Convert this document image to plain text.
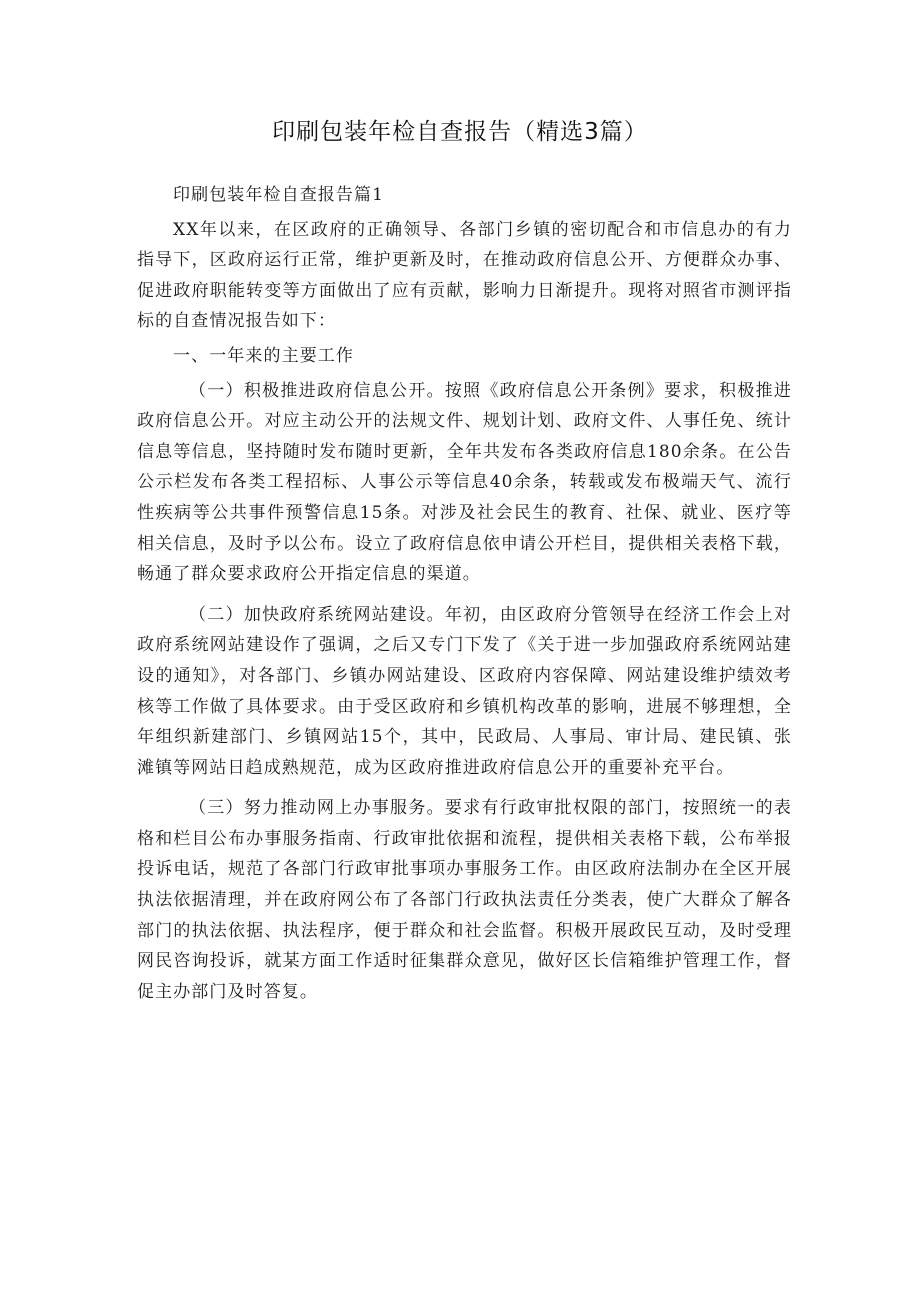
印刷包装年检自查报告（精选3篇）

印刷包装年检自查报告篇1

XX年以来，在区政府的正确领导、各部门乡镇的密切配合和市信息办的有力指导下，区政府运行正常，维护更新及时，在推动政府信息公开、方便群众办事、促进政府职能转变等方面做出了应有贡献，影响力日渐提升。现将对照省市测评指标的自查情况报告如下：

一、一年来的主要工作

（一）积极推进政府信息公开。按照《政府信息公开条例》要求，积极推进政府信息公开。对应主动公开的法规文件、规划计划、政府文件、人事任免、统计信息等信息，坚持随时发布随时更新，全年共发布各类政府信息180余条。在公告公示栏发布各类工程招标、人事公示等信息40余条，转载或发布极端天气、流行性疾病等公共事件预警信息15条。对涉及社会民生的教育、社保、就业、医疗等相关信息，及时予以公布。设立了政府信息依申请公开栏目，提供相关表格下载，畅通了群众要求政府公开指定信息的渠道。

（二）加快政府系统网站建设。年初，由区政府分管领导在经济工作会上对政府系统网站建设作了强调，之后又专门下发了《关于进一步加强政府系统网站建设的通知》，对各部门、乡镇办网站建设、区政府内容保障、网站建设维护绩效考核等工作做了具体要求。由于受区政府和乡镇机构改革的影响，进展不够理想，全年组织新建部门、乡镇网站15个，其中，民政局、人事局、审计局、建民镇、张滩镇等网站日趋成熟规范，成为区政府推进政府信息公开的重要补充平台。

（三）努力推动网上办事服务。要求有行政审批权限的部门，按照统一的表格和栏目公布办事服务指南、行政审批依据和流程，提供相关表格下载，公布举报投诉电话，规范了各部门行政审批事项办事服务工作。由区政府法制办在全区开展执法依据清理，并在政府网公布了各部门行政执法责任分类表，使广大群众了解各部门的执法依据、执法程序，便于群众和社会监督。积极开展政民互动，及时受理网民咨询投诉，就某方面工作适时征集群众意见，做好区长信箱维护管理工作，督促主办部门及时答复。
